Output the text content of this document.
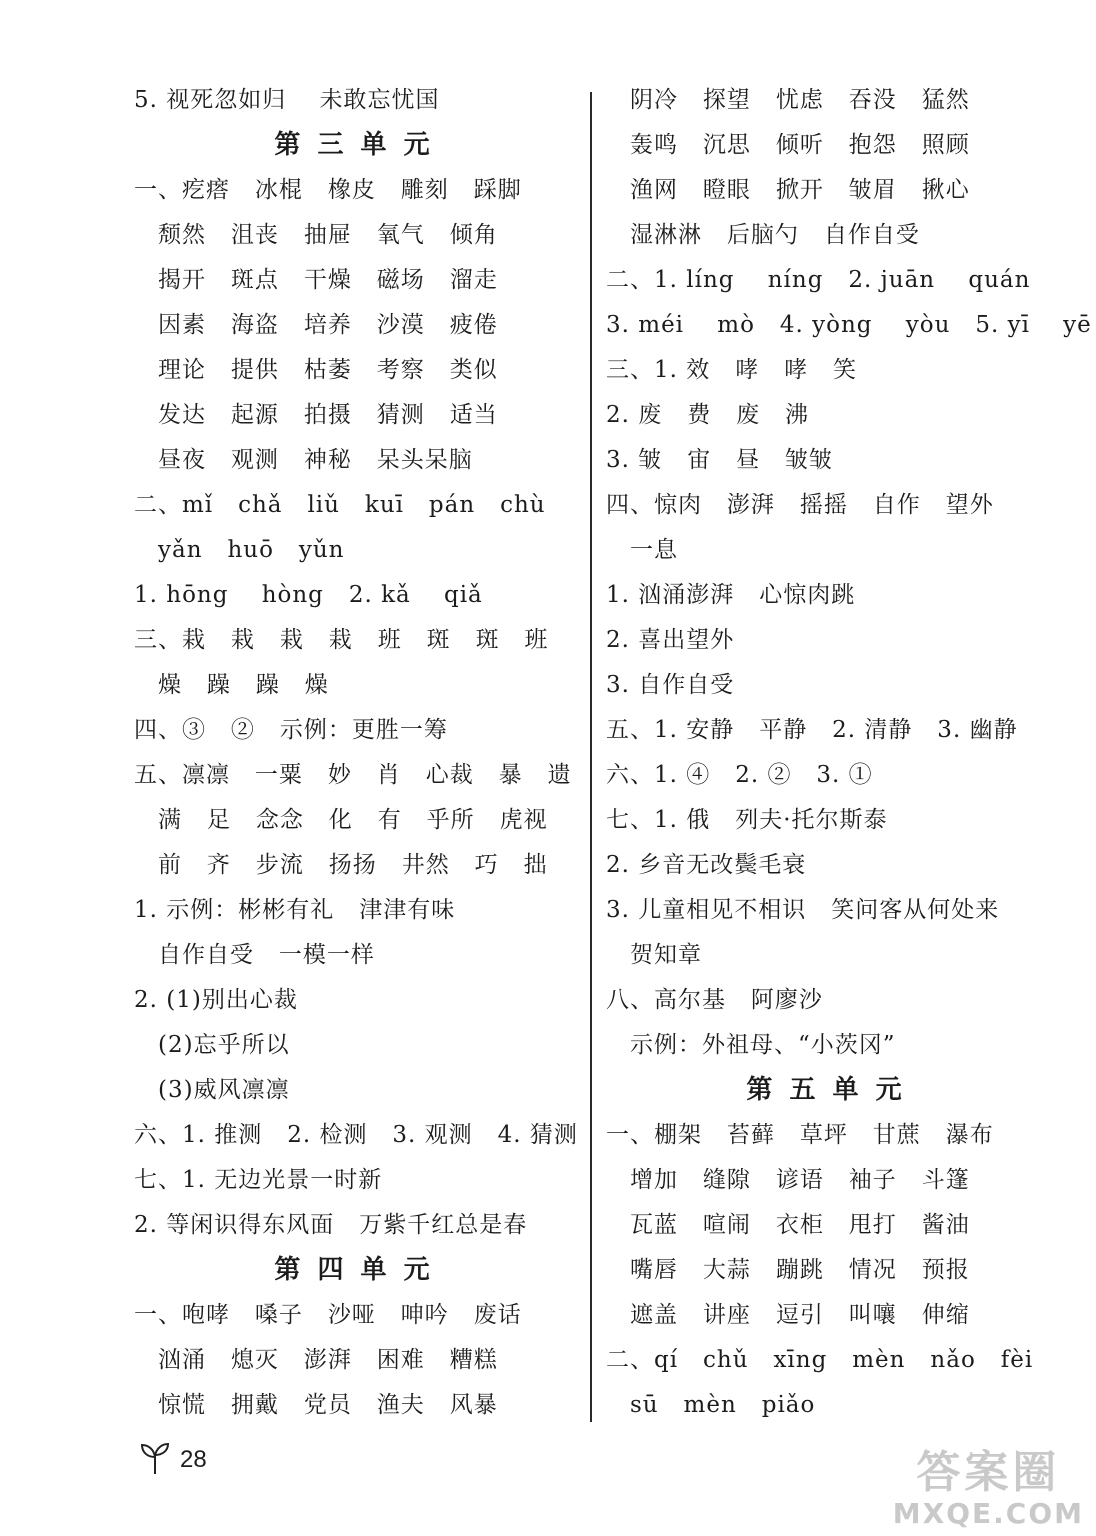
5. 视死忽如归    未敢忘忧国
第 三 单 元
一、疙瘩   冰棍   橡皮   雕刻   踩脚
颓然   沮丧   抽屉   氧气   倾角
揭开   斑点   干燥   磁场   溜走
因素   海盗   培养   沙漠   疲倦
理论   提供   枯萎   考察   类似
发达   起源   拍摄   猜测   适当
昼夜   观测   神秘   呆头呆脑
二、mǐ   chǎ   liǔ   kuī   pán   chù
yǎn   huō   yǔn
1. hōng    hòng   2. kǎ    qiǎ
三、栽   栽   栽   栽   班   斑   斑   班
燥   躁   躁   燥
四、③   ②   示例：更胜一筹
五、凛凛   一粟   妙   肖   心裁   暴   遗
满   足   念念   化   有   乎所   虎视
前   齐   步流   扬扬   井然   巧   拙
1. 示例：彬彬有礼   津津有味
自作自受   一模一样
2. (1)别出心裁
(2)忘乎所以
(3)威风凛凛
六、1. 推测   2. 检测   3. 观测   4. 猜测
七、1. 无边光景一时新
2. 等闲识得东风面   万紫千红总是春
第 四 单 元
一、咆哮   嗓子   沙哑   呻吟   废话
汹涌   熄灭   澎湃   困难   糟糕
惊慌   拥戴   党员   渔夫   风暴
阴冷   探望   忧虑   吞没   猛然
轰鸣   沉思   倾听   抱怨   照顾
渔网   瞪眼   掀开   皱眉   揪心
湿淋淋   后脑勺   自作自受
二、1. líng    níng   2. juān    quán
3. méi    mò   4. yòng    yòu   5. yī    yē
三、1. 效   哮   哮   笑
2. 废   费   废   沸
3. 皱   宙   昼   皱皱
四、惊肉   澎湃   摇摇   自作   望外
一息
1. 汹涌澎湃   心惊肉跳
2. 喜出望外
3. 自作自受
五、1. 安静   平静   2. 清静   3. 幽静
六、1. ④   2. ②   3. ①
七、1. 俄   列夫·托尔斯泰
2. 乡音无改鬓毛衰
3. 儿童相见不相识   笑问客从何处来
贺知章
八、高尔基   阿廖沙
示例：外祖母、“小茨冈”
第 五 单 元
一、棚架   苔藓   草坪   甘蔗   瀑布
增加   缝隙   谚语   袖子   斗篷
瓦蓝   喧闹   衣柜   甩打   酱油
嘴唇   大蒜   蹦跳   情况   预报
遮盖   讲座   逗引   叫嚷   伸缩
二、qí   chǔ   xīng   mèn   nǎo   fèi
sū   mèn   piǎo
28	答案圈
MXQE.COM
